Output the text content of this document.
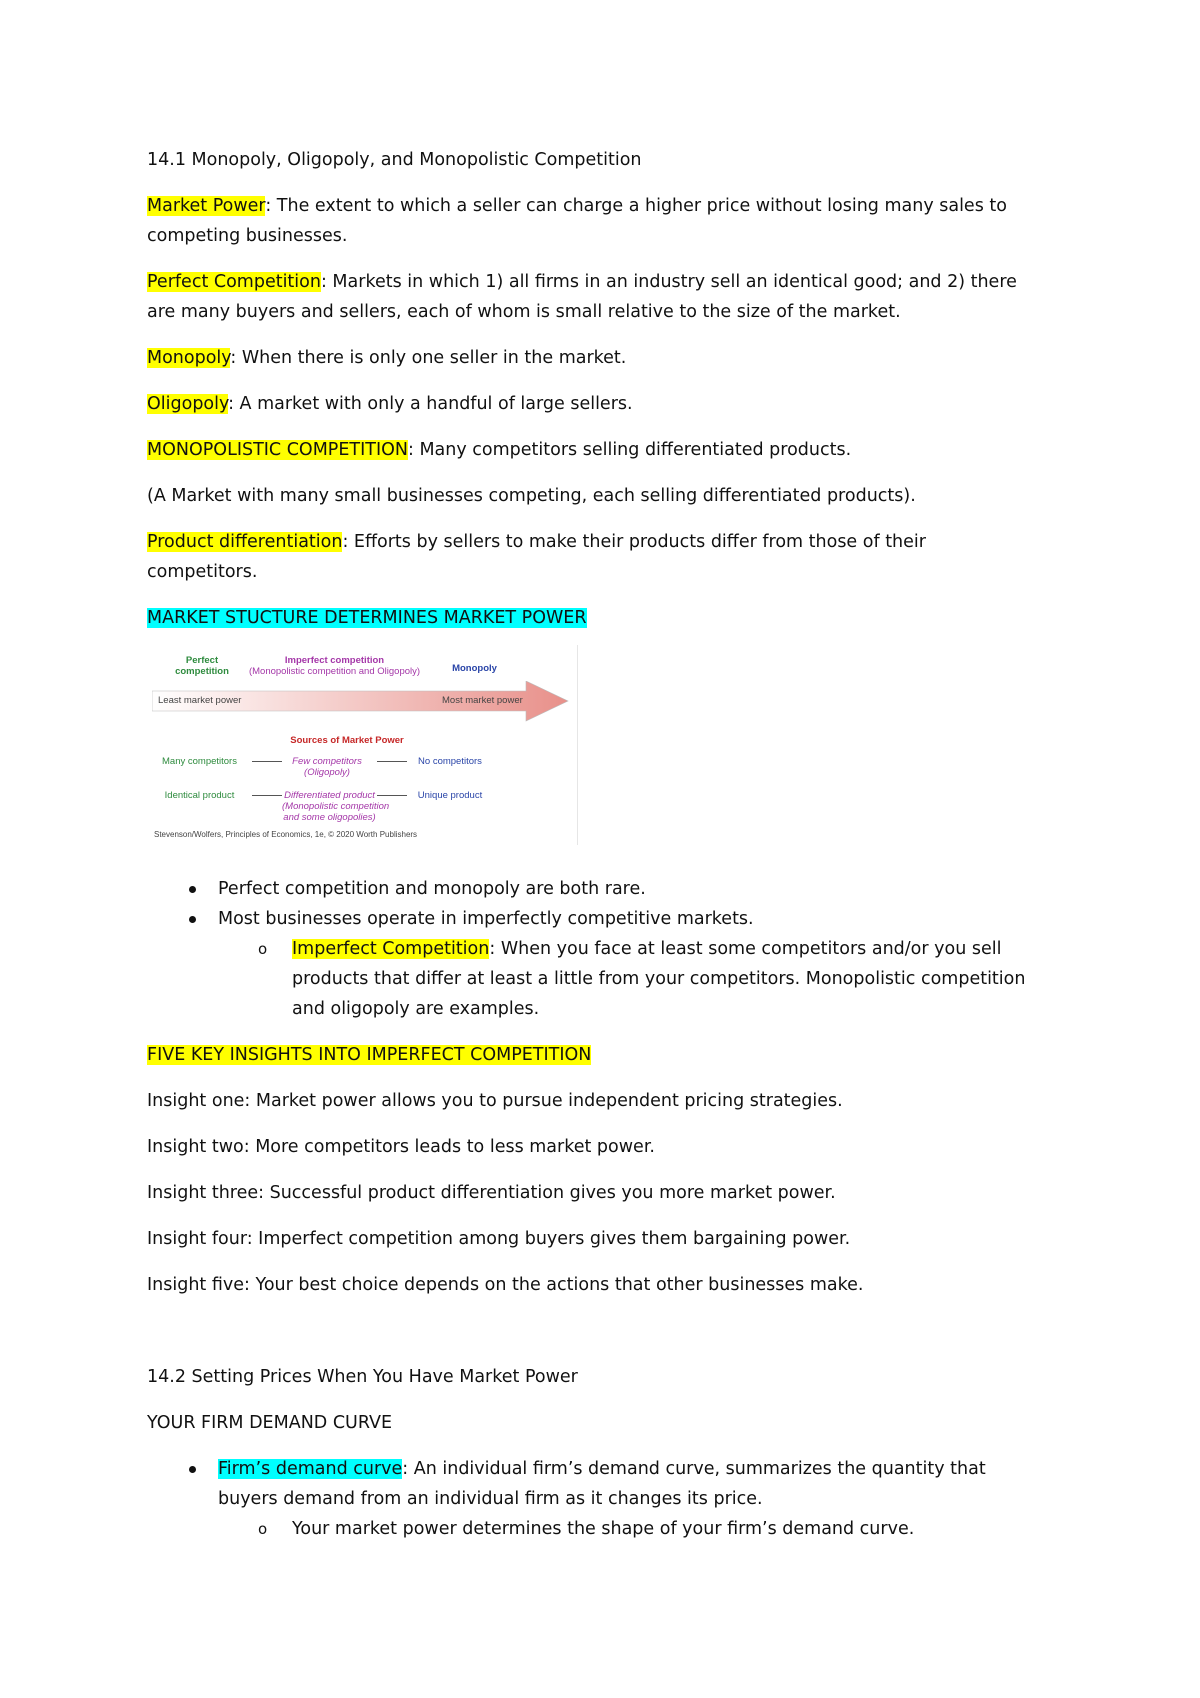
14.1 Monopoly, Oligopoly, and Monopolistic Competition
Market Power: The extent to which a seller can charge a higher price without losing many sales to
competing businesses.
Perfect Competition: Markets in which 1) all firms in an industry sell an identical good; and 2) there
are many buyers and sellers, each of whom is small relative to the size of the market.
Monopoly: When there is only one seller in the market.
Oligopoly: A market with only a handful of large sellers.
MONOPOLISTIC COMPETITION: Many competitors selling differentiated products.
(A Market with many small businesses competing, each selling differentiated products).
Product differentiation: Efforts by sellers to make their products differ from those of their
competitors.
MARKET STUCTURE DETERMINES MARKET POWER
Perfect
competition
Imperfect competition
(Monopolistic competition and Oligopoly)	Monopoly
Least market power	Most market power
Sources of Market Power
Many competitors	Few competitors
(Oligopoly)
No competitors
Identical product	Differentiated product
(Monopolistic competition
and some oligopolies)
Unique product
Stevenson/Wolfers, Principles of Economics, 1e, © 2020 Worth Publishers
Perfect competition and monopoly are both rare.
Most businesses operate in imperfectly competitive markets.
o Imperfect Competition: When you face at least some competitors and/or you sell
products that differ at least a little from your competitors. Monopolistic competition
and oligopoly are examples.
FIVE KEY INSIGHTS INTO IMPERFECT COMPETITION
Insight one: Market power allows you to pursue independent pricing strategies.
Insight two: More competitors leads to less market power.
Insight three: Successful product differentiation gives you more market power.
Insight four: Imperfect competition among buyers gives them bargaining power.
Insight five: Your best choice depends on the actions that other businesses make.
14.2 Setting Prices When You Have Market Power
YOUR FIRM DEMAND CURVE
Firm’s demand curve: An individual firm’s demand curve, summarizes the quantity that
buyers demand from an individual firm as it changes its price.
o Your market power determines the shape of your firm’s demand curve.
